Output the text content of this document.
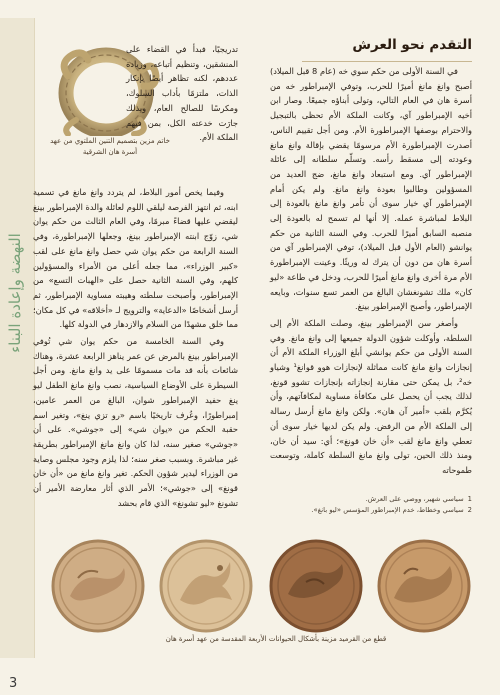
النهضة وإعادة البناء
3
خاتم مزين بتصميم التنين الملتوي من عهد أسرة هان الشرقية
التقدم نحو العرش

في السنة الأولى من حكم سوي خه (عام 8 قبل الميلاد) أصبح وانغ مانغ أميرًا للحرب، وتوفي الإمبراطور خه من أسرة هان في العام التالي، وتولى أبناؤه جميعًا. وصار ابن أخيه الإمبراطور آي، وكانت الملكة الأم تحظى بالتبجيل والاحترام بوصفها الإمبراطورة الأم. ومن أجل تقييم الناس، أصدرت الإمبراطورة الأم مرسومًا يقضي بإقالة وانغ مانغ وعودته إلى مسقط رأسه. وتسلّم سلطانه إلى عائلة الإمبراطور آي. ومع استبعاد وانغ مانغ، ضج العديد من المسؤولين وطالبوا بعودة وانغ مانغ. ولم يكن أمام الإمبراطور آي خيار سوى أن تأمر وانغ مانغ بالعودة إلى البلاط لمباشرة عمله. إلا أنها لم تسمح له بالعودة إلى منصبه السابق أميرًا للحرب. وفي السنة الثانية من حكم يوانشو (العام الأول قبل الميلاد)، توفي الإمبراطور آي من أسرة هان من دون أن يترك له وريثًا. وعينت الإمبراطورة الأم مرة أخرى وانغ مانغ أميرًا للحرب، ودخل في طاعة «ليو كان» ملك تشونغشان البالغ من العمر تسع سنوات، وبايعه الإمبراطور، وأصبح الإمبراطور بينغ.

وأصغر سن الإمبراطور بينغ، وصلت الملكة الأم إلى السلطة، وأوكلت شؤون الدولة جميعها إلى وانغ مانغ. وفي السنة الأولى من حكم يوانشي أبلغ الوزراء الملكة الأم أن إنجازات وانغ مانغ كانت مماثلة لإنجازات هوو قوانغ¹ وشياو خه²، بل يمكن حتى مقارنة إنجازاته بإنجازات تشوو قونغ، لذلك يجب أن يحصل على مكافأة مساوية لمكافآتهم، وأن يُكرَّم بلقب «أمير آن هان». ولكن وانغ مانغ أرسل رسالة إلى الملكة الأم من الرفض. ولم يكن لديها خيار سوى أن تعطي وانغ مانغ لقب «أن خان قونغ»؛ أي: سيد أن خان، ومنذ ذلك الحين، تولى وانغ مانغ السلطة كاملة، وتوسعت طموحاته

تدريجيًا، فبدأ في القضاء على المنشقين، وتنظيم أتباعه، وزيادة عددهم، لكنه تظاهر أيضًا بإنكار الذات، ملتزمًا بأداب السلوك، ومكرسًا للصالح العام، وبذلك جارَت خدعته الكل، بمن فيهم الملكة الأم.

وفيما يخص أمور البلاط، لم يتردد وانغ مانغ في تسمية ابنه، ثم انتهز الفرصة ليلقي اللوم لعائلة والدة الإمبراطور بينغ ليقضي عليها قضاءً مبرمًا، وفي العام الثالث من حكم يوان شي، زوّج ابنته الإمبراطور بينغ، وجعلها الإمبراطورة، وفي السنة الرابعة من حكم يوان شي حصل وانغ مانغ على لقب «كبير الوزراء»، مما جعله أعلى من الأمراء والمسؤولين كلهم، وفي السنة الثانية حصل على «الهبات التسع» من الإمبراطور، وأصبحت سلطته وهيبته مساوية الإمبراطور، ثم أرسل أشخاصًا «الدعاية» والترويج لـ «أخلاقه» في كل مكان؛ مما خلق مشهدًا من السلام والازدهار في الدولة كلها.

وفي السنة الخامسة من حكم يوان شي تُوفي الإمبراطور بينغ بالمرض عن عمر يناهز الرابعة عشرة، وهناك شائعات بأنه قد مات مسمومًا على يد وانغ مانغ. ومن أجل السيطرة على الأوضاع السياسية، نصب وانغ مانغ الطفل ليو ينغ حفيد الإمبراطور شوان، البالغ من العمر عامين، إمبراطورًا، وعُرف تاريخيًا باسم «رو تزي ينغ»، وتغير اسم حقبة الحكم من «يوان شي» إلى «جوشي». على أن «جوشي» صغير سنه، لذا كان وانغ مانغ الإمبراطور بطريقة غير مباشرة. وبسبب صغر سنه؛ لذا يلزم وجود مجلس وصاية من الوزراء ليدير شؤون الحكم. تغير وانغ مانغ من «أن خان قونغ» إلى «جوشي»؛ الأمر الذي أثار معارضة الأمير أن تشونغ «ليو تشونغ» الذي قام بحشد	1
سياسي شهير، ووصي على العرش.
2
سياسي وخطاط، خدم الإمبراطور المؤسس «ليو بانغ».
قطع من القرميد مزينة بأشكال الحيوانات الأربعة المقدسة من عهد أسرة هان
